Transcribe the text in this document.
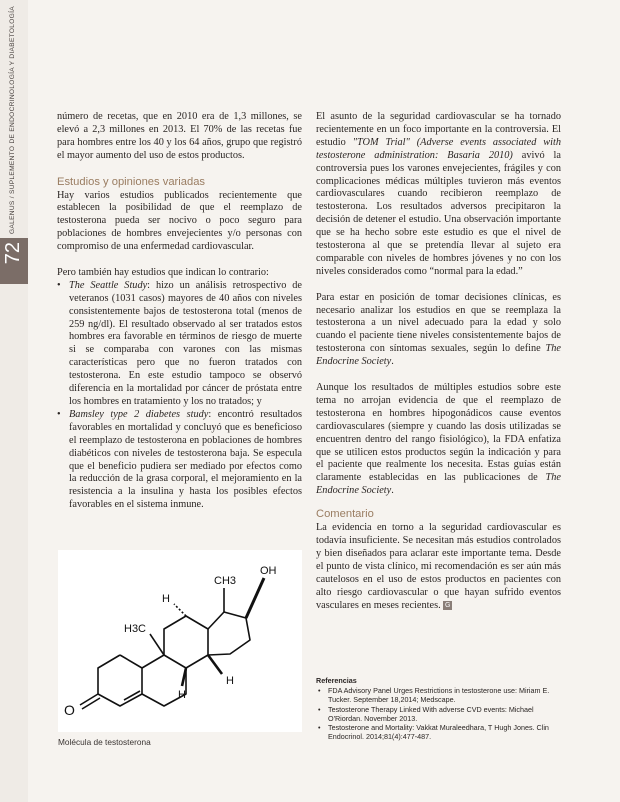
GALENUS / SUPLEMENTO DE ENDOCRINOLOGÍA Y DIABETOLOGÍA
72

número de recetas, que en 2010 era de 1,3 millones, se elevó a 2,3 millones en 2013. El 70% de las recetas fue para hombres entre los 40 y los 64 años, grupo que registró el mayor aumento del uso de estos productos.

Estudios y opiniones variadas

Hay varios estudios publicados recientemente que establecen la posibilidad de que el reemplazo de testosterona pueda ser nocivo o poco seguro para poblaciones de hombres envejecientes y/o personas con compromiso de una enfermedad cardiovascular.

Pero también hay estudios que indican lo contrario:

• The Seattle Study: hizo un análisis retrospectivo de veteranos (1031 casos) mayores de 40 años con niveles consistentemente bajos de testosterona total (menos de 259 ng/dl). El resultado observado al ser tratados estos hombres era favorable en términos de riesgo de muerte si se comparaba con varones con las mismas características pero que no fueron tratados con testosterona. En este estudio tampoco se observó diferencia en la mortalidad por cáncer de próstata entre los hombres en tratamiento y los no tratados; y
• Bamsley type 2 diabetes study: encontró resultados favorables en mortalidad y concluyó que es beneficioso el reemplazo de testosterona en poblaciones de hombres diabéticos con niveles de testosterona baja. Se especula que el beneficio pudiera ser mediado por efectos como la reducción de la grasa corporal, el mejoramiento en la resistencia a la insulina y hasta los posibles efectos favorables en el sistema inmune.

El asunto de la seguridad cardiovascular se ha tornado recientemente en un foco importante en la controversia. El estudio "TOM Trial" (Adverse events associated with testosterone administration: Basaria 2010) avivó la controversia pues los varones envejecientes, frágiles y con complicaciones médicas múltiples tuvieron más eventos cardiovasculares cuando recibieron reemplazo de testosterona. Los resultados adversos precipitaron la decisión de detener el estudio. Una observación importante que se ha hecho sobre este estudio es que el nivel de testosterona al que se pretendía llevar al sujeto era comparable con niveles de hombres jóvenes y no con los niveles considerados como “normal para la edad.”

Para estar en posición de tomar decisiones clínicas, es necesario analizar los estudios en que se reemplaza la testosterona a un nivel adecuado para la edad y solo cuando el paciente tiene niveles consistentemente bajos de testosterona con síntomas sexuales, según lo define The Endocrine Society.

Aunque los resultados de múltiples estudios sobre este tema no arrojan evidencia de que el reemplazo de testosterona en hombres hipogonádicos cause eventos cardiovasculares (siempre y cuando las dosis utilizadas se encuentren dentro del rango fisiológico), la FDA enfatiza que se utilicen estos productos según la indicación y para el paciente que realmente los necesita. Estas guías están claramente establecidas en las publicaciones de The Endocrine Society.

Comentario

La evidencia en torno a la seguridad cardiovascular es todavía insuficiente. Se necesitan más estudios controlados y bien diseñados para aclarar este importante tema. Desde el punto de vista clínico, mi recomendación es ser aún más cautelosos en el uso de estos productos en pacientes con alto riesgo cardiovascular o que hayan sufrido eventos vasculares en meses recientes. G

CH3
OH
H3C
H
H
H
O
Molécula de testosterona
Referencias
• FDA Advisory Panel Urges Restrictions in testosterone use: Miriam E. Tucker. September 18,2014; Medscape.
• Testosterone Therapy Linked With adverse CVD events: Michael O'Riordan. November 2013.
• Testosterone and Mortality: Vakkat Muraleedhara, T Hugh Jones. Clin Endocrinol. 2014;81(4):477-487.
